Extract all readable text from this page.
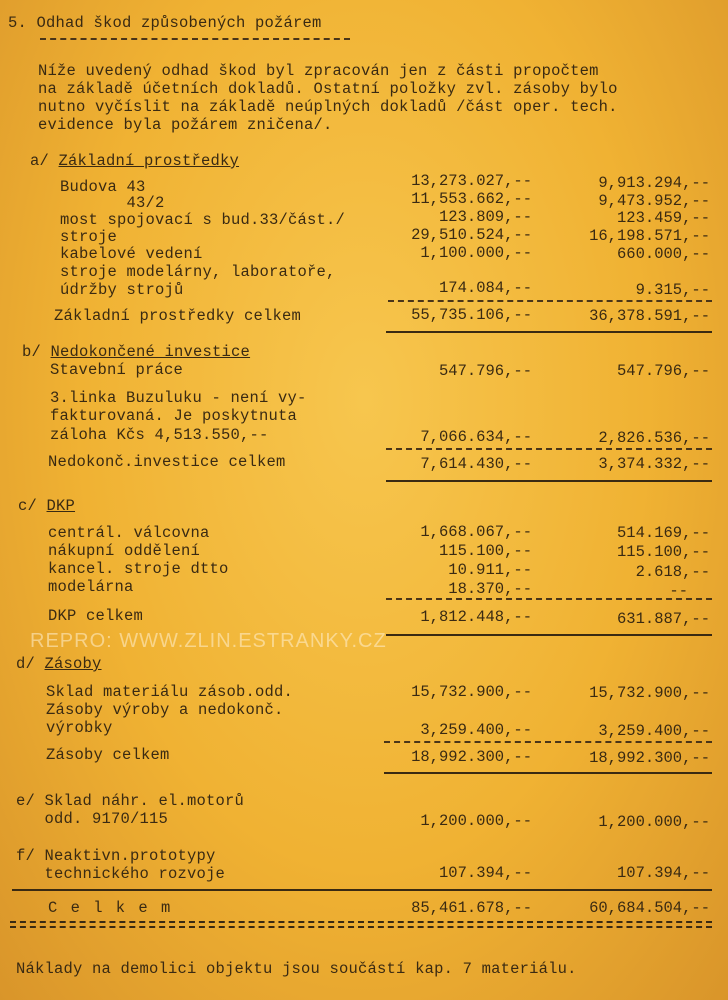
5. Odhad škod způsobených požárem
Níže uvedený odhad škod byl zpracován jen z části propočtem
na základě účetních dokladů. Ostatní položky zvl. zásoby bylo
nutno vyčíslit na základě neúplných dokladů /část oper. tech.
evidence byla požárem zničena/.
a/ Základní prostředky
Budova 43	13,273.027,--	9,913.294,--
43/2	11,553.662,--	9,473.952,--
most spojovací s bud.33/část./	123.809,--	123.459,--
stroje	29,510.524,--	16,198.571,--
kabelové vedení	1,100.000,--	660.000,--
stroje modelárny, laboratoře,
údržby strojů	174.084,--	9.315,--
Základní prostředky celkem	55,735.106,--	36,378.591,--
b/ Nedokončené investice
Stavební práce	547.796,--	547.796,--
3.linka Buzuluku - není vy-
fakturovaná. Je poskytnuta
záloha Kčs 4,513.550,--	7,066.634,--	2,826.536,--
Nedokonč.investice celkem	7,614.430,--	3,374.332,--
c/ DKP
centrál. válcovna	1,668.067,--	514.169,--
nákupní oddělení	115.100,--	115.100,--
kancel. stroje dtto	10.911,--	2.618,--
modelárna	18.370,--	--
DKP celkem	1,812.448,--	631.887,--
REPRO: WWW.ZLIN.ESTRANKY.CZ
d/ Zásoby
Sklad materiálu zásob.odd.	15,732.900,--	15,732.900,--
Zásoby výroby a nedokonč.
výrobky	3,259.400,--	3,259.400,--
Zásoby celkem	18,992.300,--	18,992.300,--
e/ Sklad náhr. el.motorů
odd. 9170/115	1,200.000,--	1,200.000,--
f/ Neaktivn.prototypy
technického rozvoje	107.394,--	107.394,--
C e l k e m	85,461.678,--	60,684.504,--
Náklady na demolici objektu jsou součástí kap. 7 materiálu.
